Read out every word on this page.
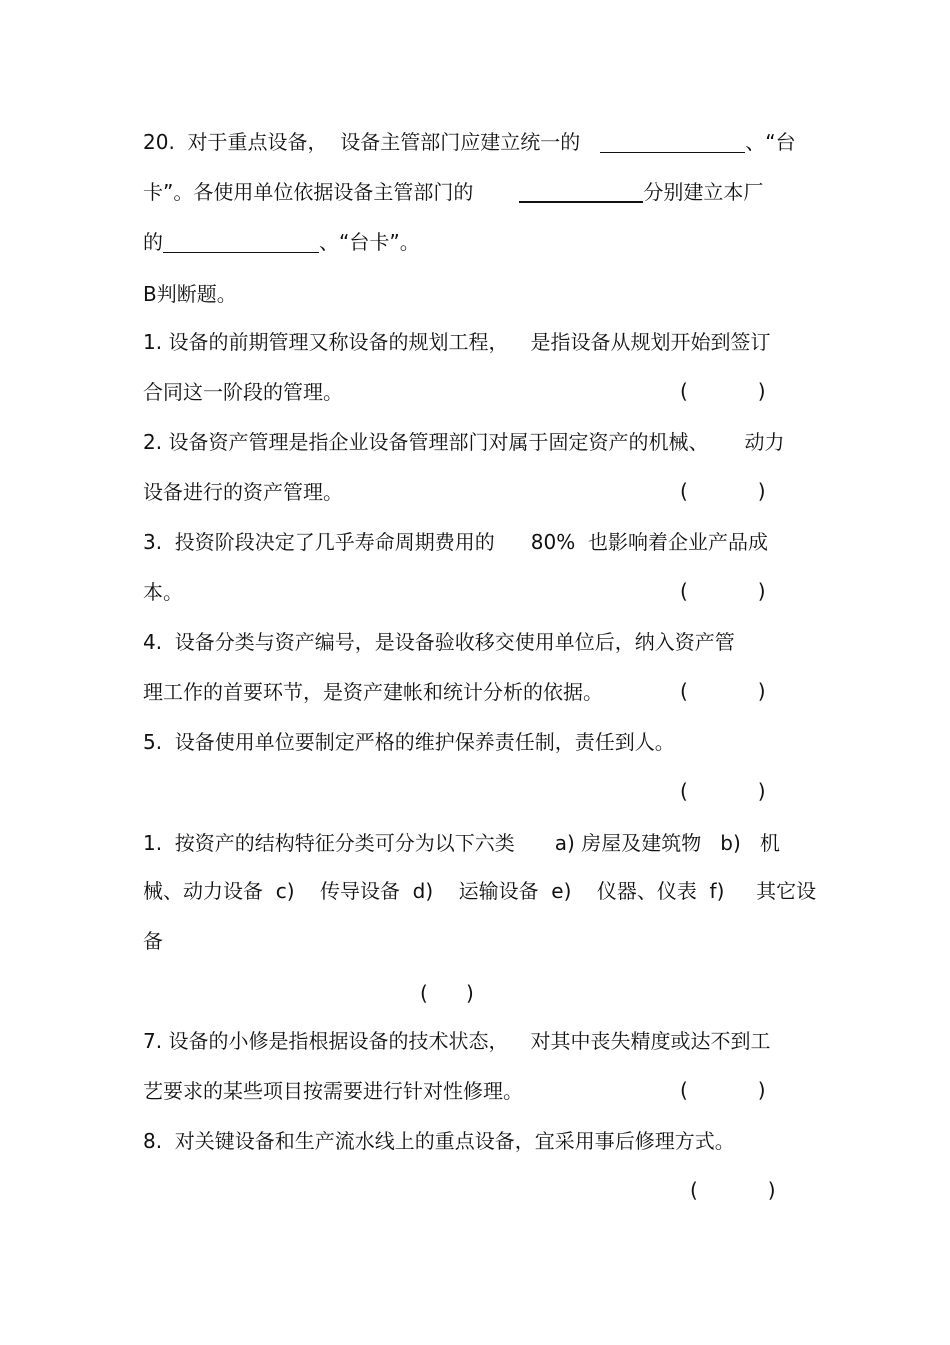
20.  对于重点设备，  设备主管部门应建立统一的	、“台
卡”。各使用单位依据设备主管部门的	分别建立本厂
的	、“台卡”。
B判断题。
1. 设备的前期管理又称设备的规划工程， 是指设备从规划开始到签订
合同这一阶段的管理。	(           )
2. 设备资产管理是指企业设备管理部门对属于固定资产的机械、 动力
设备进行的资产管理。	(           )
3.  投资阶段决定了几乎寿命周期费用的 80%  也影响着企业产品成
本。	(           )
4.  设备分类与资产编号，是设备验收移交使用单位后，纳入资产管
理工作的首要环节，是资产建帐和统计分析的依据。	(           )
5.  设备使用单位要制定严格的维护保养责任制，责任到人。
(           )
1.  按资产的结构特征分类可分为以下六类 a) 房屋及建筑物   b)   机
械、动力设备  c)    传导设备  d)    运输设备  e)    仪器、仪表  f)     其它设
备
(      )
7. 设备的小修是指根据设备的技术状态， 对其中丧失精度或达不到工
艺要求的某些项目按需要进行针对性修理。	(           )
8.  对关键设备和生产流水线上的重点设备，宜采用事后修理方式。
(           )
